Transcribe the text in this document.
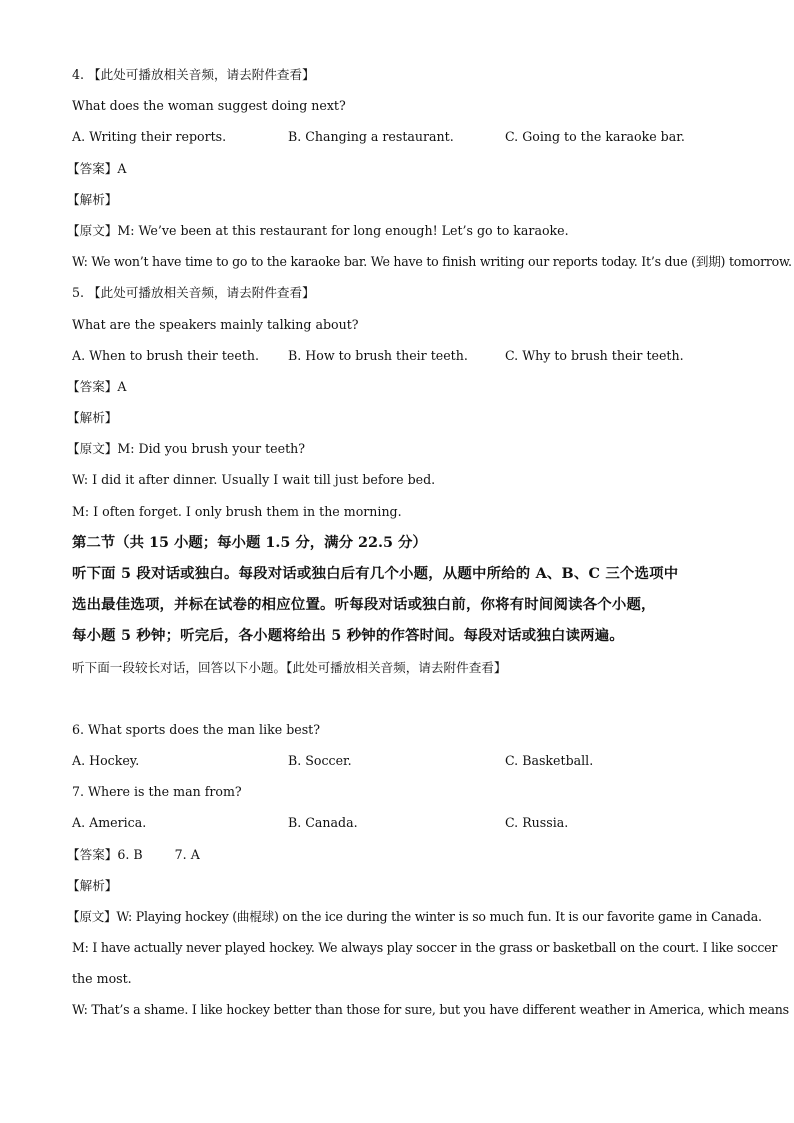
4. 【此处可播放相关音频，请去附件查看】
What does the woman suggest doing next?
A. Writing their reports.	B. Changing a restaurant.	C. Going to the karaoke bar.
【答案】A
【解析】
【原文】M: We’ve been at this restaurant for long enough! Let’s go to karaoke.
W: We won’t have time to go to the karaoke bar. We have to finish writing our reports today. It’s due (到期) tomorrow.
5. 【此处可播放相关音频，请去附件查看】
What are the speakers mainly talking about?
A. When to brush their teeth.	B. How to brush their teeth.	C. Why to brush their teeth.
【答案】A
【解析】
【原文】M: Did you brush your teeth?
W: I did it after dinner. Usually I wait till just before bed.
M: I often forget. I only brush them in the morning.
第二节（共 15 小题；每小题 1.5 分，满分 22.5 分）
听下面 5 段对话或独白。每段对话或独白后有几个小题，从题中所给的 A、B、C 三个选项中
选出最佳选项，并标在试卷的相应位置。听每段对话或独白前，你将有时间阅读各个小题，
每小题 5 秒钟；听完后，各小题将给出 5 秒钟的作答时间。每段对话或独白读两遍。
听下面一段较长对话，回答以下小题。【此处可播放相关音频，请去附件查看】
6. What sports does the man like best?
A. Hockey.	B. Soccer.	C. Basketball.
7. Where is the man from?
A. America.	B. Canada.	C. Russia.
【答案】6. B        7. A
【解析】
【原文】W: Playing hockey (曲棍球) on the ice during the winter is so much fun. It is our favorite game in Canada.
M: I have actually never played hockey. We always play soccer in the grass or basketball on the court. I like soccer
the most.
W: That’s a shame. I like hockey better than those for sure, but you have different weather in America, which means
